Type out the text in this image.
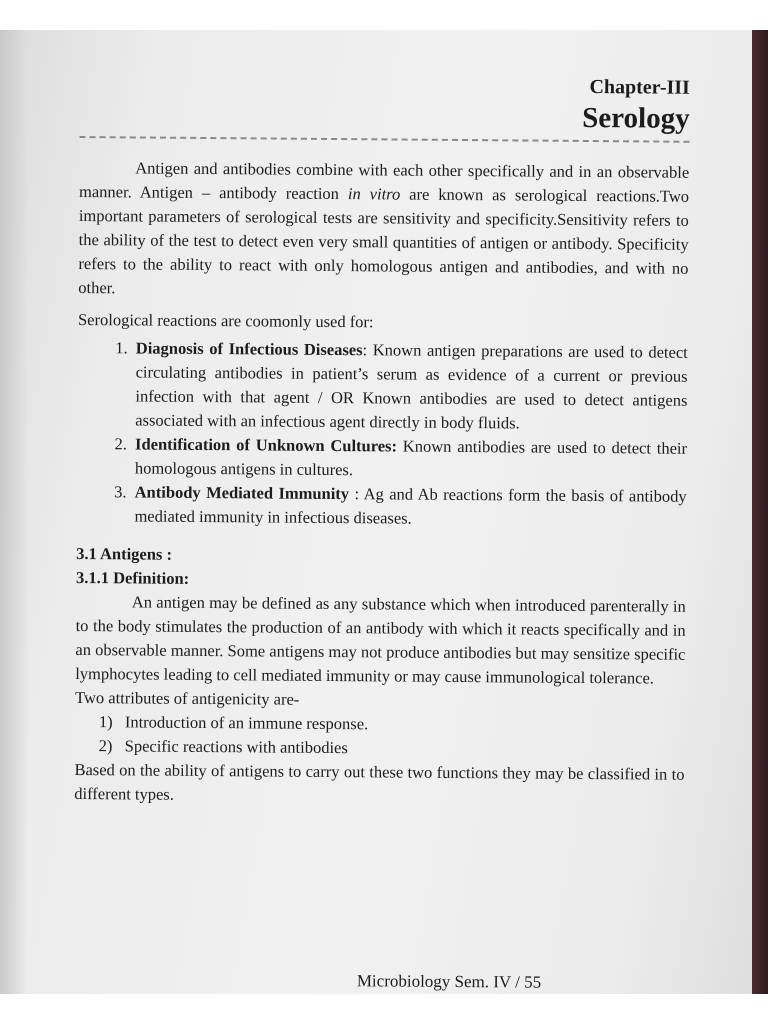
Chapter-III

Serology

Antigen and antibodies combine with each other specifically and in an observable manner. Antigen – antibody reaction in vitro are known as serological reactions.Two important parameters of serological tests are sensitivity and specificity.Sensitivity refers to the ability of the test to detect even very small quantities of antigen or antibody. Specificity refers to the ability to react with only homologous antigen and antibodies, and with no other.

Serological reactions are coomonly used for:

1. Diagnosis of Infectious Diseases: Known antigen preparations are used to detect circulating antibodies in patient’s serum as evidence of a current or previous infection with that agent / OR Known antibodies are used to detect antigens associated with an infectious agent directly in body fluids.
2. Identification of Unknown Cultures: Known antibodies are used to detect their homologous antigens in cultures.
3. Antibody Mediated Immunity : Ag and Ab reactions form the basis of antibody mediated immunity in infectious diseases.

3.1 Antigens :

3.1.1 Definition:

An antigen may be defined as any substance which when introduced parenterally in to the body stimulates the production of an antibody with which it reacts specifically and in an observable manner. Some antigens may not produce antibodies but may sensitize specific lymphocytes leading to cell mediated immunity or may cause immunological tolerance.

Two attributes of antigenicity are-

1) Introduction of an immune response.
2) Specific reactions with antibodies

Based on the ability of antigens to carry out these two functions they may be classified in to different types.

Microbiology Sem. IV / 55
